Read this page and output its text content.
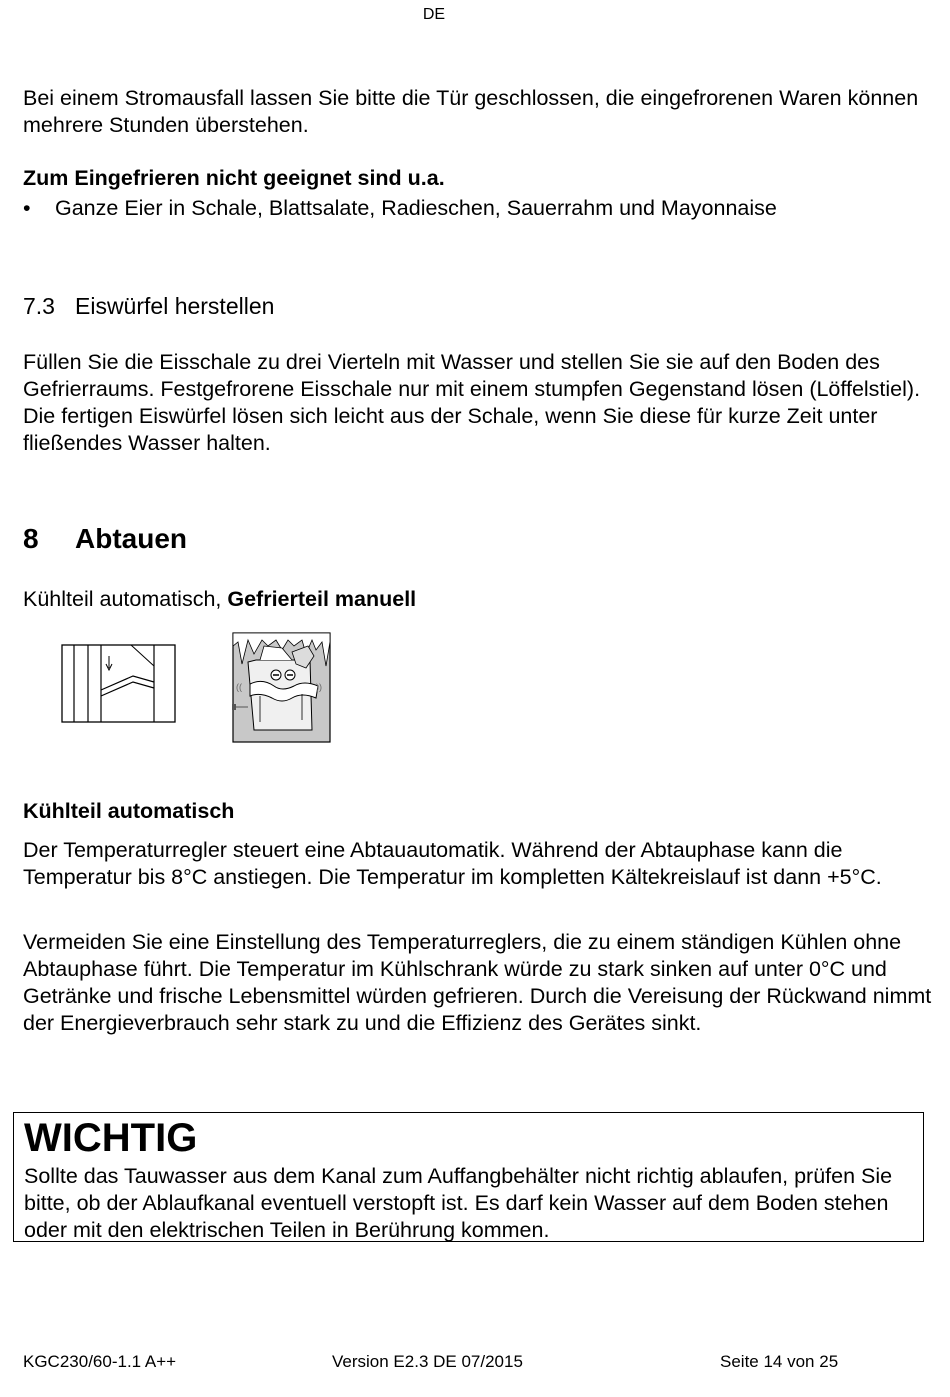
DE

Bei einem Stromausfall lassen Sie bitte die Tür geschlossen, die eingefrorenen Waren können mehrere Stunden überstehen.

Zum Eingefrieren nicht geeignet sind u.a.

• Ganze Eier in Schale, Blattsalate, Radieschen, Sauerrahm und Mayonnaise

7.3 Eiswürfel herstellen

Füllen Sie die Eisschale zu drei Vierteln mit Wasser und stellen Sie sie auf den Boden des Gefrierraums. Festgefrorene Eisschale nur mit einem stumpfen Gegenstand lösen (Löffelstiel). Die fertigen Eiswürfel lösen sich leicht aus der Schale, wenn Sie diese für kurze Zeit unter fließendes Wasser halten.

8 Abtauen

Kühlteil automatisch, Gefrierteil manuell

((	))

Kühlteil automatisch

Der Temperaturregler steuert eine Abtauautomatik. Während der Abtauphase kann die Temperatur bis 8°C anstiegen. Die Temperatur im kompletten Kältekreislauf ist dann +5°C.

Vermeiden Sie eine Einstellung des Temperaturreglers, die zu einem ständigen Kühlen ohne Abtauphase führt. Die Temperatur im Kühlschrank würde zu stark sinken auf unter 0°C und Getränke und frische Lebensmittel würden gefrieren. Durch die Vereisung der Rückwand nimmt der Energieverbrauch sehr stark zu und die Effizienz des Gerätes sinkt.

WICHTIG

Sollte das Tauwasser aus dem Kanal zum Auffangbehälter nicht richtig ablaufen, prüfen Sie bitte, ob der Ablaufkanal eventuell verstopft ist. Es darf kein Wasser auf dem Boden stehen oder mit den elektrischen Teilen in Berührung kommen.

KGC230/60-1.1 A++	Version E2.3 DE 07/2015	Seite 14 von 25
